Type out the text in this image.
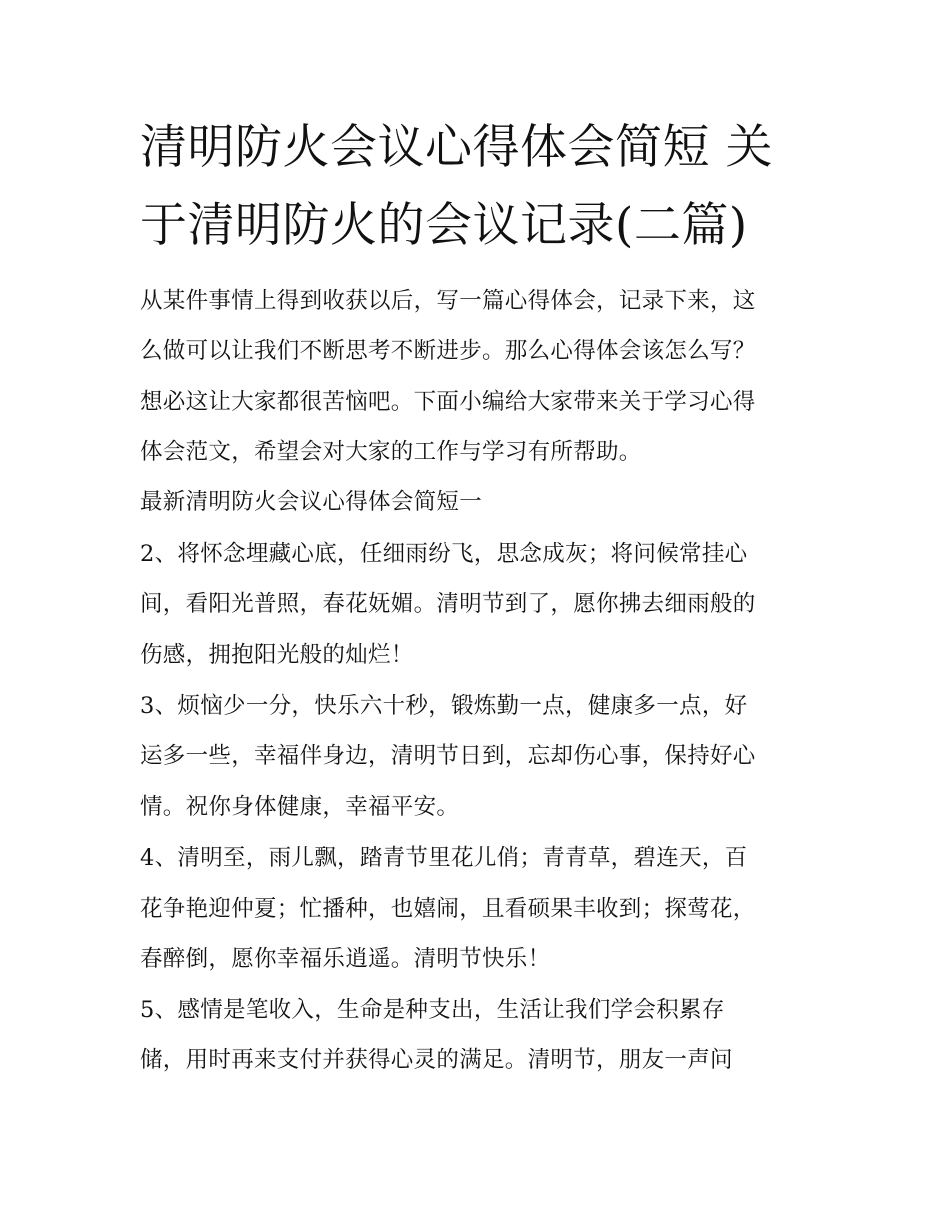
清明防火会议心得体会简短 关
于清明防火的会议记录(二篇)
从某件事情上得到收获以后，写一篇心得体会，记录下来，这
么做可以让我们不断思考不断进步。那么心得体会该怎么写？
想必这让大家都很苦恼吧。下面小编给大家带来关于学习心得
体会范文，希望会对大家的工作与学习有所帮助。
最新清明防火会议心得体会简短一
2、将怀念埋藏心底，任细雨纷飞，思念成灰；将问候常挂心
间，看阳光普照，春花妩媚。清明节到了，愿你拂去细雨般的
伤感，拥抱阳光般的灿烂！
3、烦恼少一分，快乐六十秒，锻炼勤一点，健康多一点，好
运多一些，幸福伴身边，清明节日到，忘却伤心事，保持好心
情。祝你身体健康，幸福平安。
4、清明至，雨儿飘，踏青节里花儿俏；青青草，碧连天，百
花争艳迎仲夏；忙播种，也嬉闹，且看硕果丰收到；探莺花，
春醉倒，愿你幸福乐逍遥。清明节快乐！
5、感情是笔收入，生命是种支出，生活让我们学会积累存
储，用时再来支付并获得心灵的满足。清明节，朋友一声问
